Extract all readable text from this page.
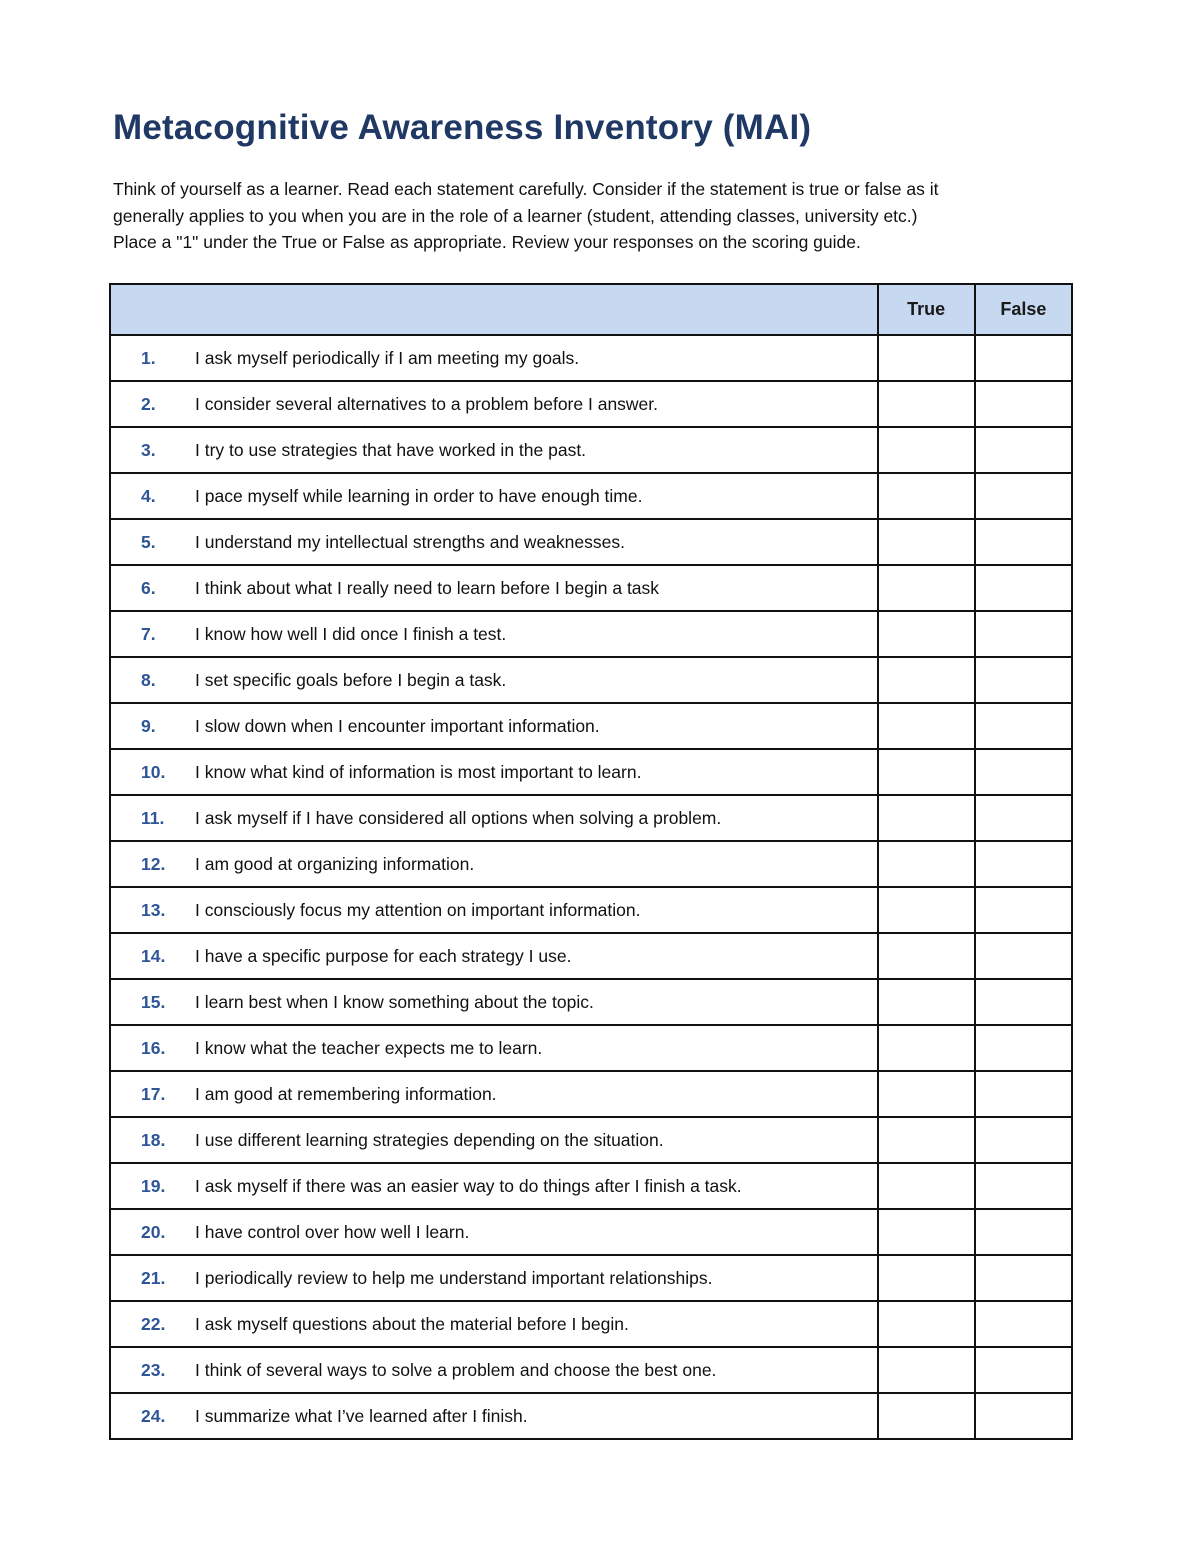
Metacognitive Awareness Inventory (MAI)
Think of yourself as a learner. Read each statement carefully. Consider if the statement is true or false as it
generally applies to you when you are in the role of a learner (student, attending classes, university etc.)
Place a "1" under the True or False as appropriate. Review your responses on the scoring guide.
	True	False
1. I ask myself periodically if I am meeting my goals.		
2. I consider several alternatives to a problem before I answer.		
3. I try to use strategies that have worked in the past.		
4. I pace myself while learning in order to have enough time.		
5. I understand my intellectual strengths and weaknesses.		
6. I think about what I really need to learn before I begin a task		
7. I know how well I did once I finish a test.		
8. I set specific goals before I begin a task.		
9. I slow down when I encounter important information.		
10. I know what kind of information is most important to learn.		
11. I ask myself if I have considered all options when solving a problem.		
12. I am good at organizing information.		
13. I consciously focus my attention on important information.		
14. I have a specific purpose for each strategy I use.		
15. I learn best when I know something about the topic.		
16. I know what the teacher expects me to learn.		
17. I am good at remembering information.		
18. I use different learning strategies depending on the situation.		
19. I ask myself if there was an easier way to do things after I finish a task.		
20. I have control over how well I learn.		
21. I periodically review to help me understand important relationships.		
22. I ask myself questions about the material before I begin.		
23. I think of several ways to solve a problem and choose the best one.		
24. I summarize what I’ve learned after I finish.		
